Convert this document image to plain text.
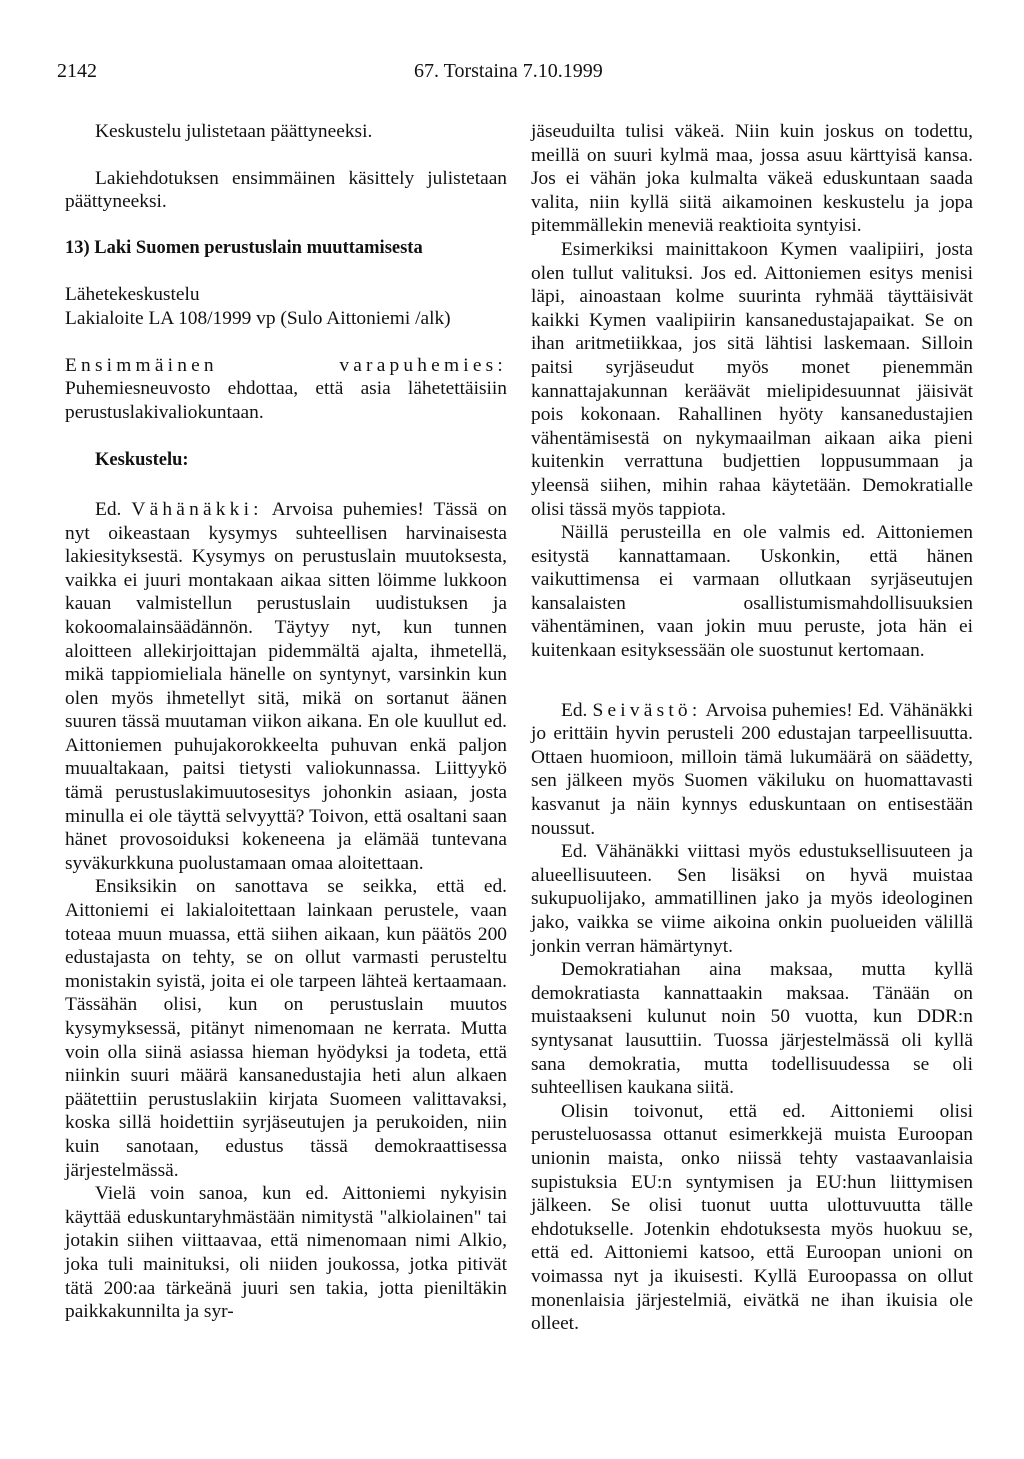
2142	67. Torstaina 7.10.1999

Keskustelu julistetaan päättyneeksi.

Lakiehdotuksen ensimmäinen käsittely julistetaan päättyneeksi.

13) Laki Suomen perustuslain muuttamisesta

Lähetekeskustelu

Lakialoite LA 108/1999 vp (Sulo Aittoniemi /alk)

Ensimmäinen varapuhemies: Puhemiesneuvosto ehdottaa, että asia lähetettäisiin perustuslakivaliokuntaan.

Keskustelu:

Ed. Vähänäkki: Arvoisa puhemies! Tässä on nyt oikeastaan kysymys suhteellisen harvinaisesta lakiesityksestä. Kysymys on perustuslain muutoksesta, vaikka ei juuri montakaan aikaa sitten löimme lukkoon kauan valmistellun perustuslain uudistuksen ja kokoomalainsäädännön. Täytyy nyt, kun tunnen aloitteen allekirjoittajan pidemmältä ajalta, ihmetellä, mikä tappiomieliala hänelle on syntynyt, varsinkin kun olen myös ihmetellyt sitä, mikä on sortanut äänen suuren tässä muutaman viikon aikana. En ole kuullut ed. Aittoniemen puhujakorokkeelta puhuvan enkä paljon muualtakaan, paitsi tietysti valiokunnassa. Liittyykö tämä perustuslakimuutosesitys johonkin asiaan, josta minulla ei ole täyttä selvyyttä? Toivon, että osaltani saan hänet provosoiduksi kokeneena ja elämää tuntevana syväkurkkuna puolustamaan omaa aloitettaan.

Ensiksikin on sanottava se seikka, että ed. Aittoniemi ei lakialoitettaan lainkaan perustele, vaan toteaa muun muassa, että siihen aikaan, kun päätös 200 edustajasta on tehty, se on ollut varmasti perusteltu monistakin syistä, joita ei ole tarpeen lähteä kertaamaan. Tässähän olisi, kun on perustuslain muutos kysymyksessä, pitänyt nimenomaan ne kerrata. Mutta voin olla siinä asiassa hieman hyödyksi ja todeta, että niinkin suuri määrä kansanedustajia heti alun alkaen päätettiin perustuslakiin kirjata Suomeen valittavaksi, koska sillä hoidettiin syrjäseutujen ja perukoiden, niin kuin sanotaan, edustus tässä demokraattisessa järjestelmässä.

Vielä voin sanoa, kun ed. Aittoniemi nykyisin käyttää eduskuntaryhmästään nimitystä "alkiolainen" tai jotakin siihen viittaavaa, että nimenomaan nimi Alkio, joka tuli mainituksi, oli niiden joukossa, jotka pitivät tätä 200:aa tärkeänä juuri sen takia, jotta pieniltäkin paikkakunnilta ja syr-

jäseuduilta tulisi väkeä. Niin kuin joskus on todettu, meillä on suuri kylmä maa, jossa asuu kärttyisä kansa. Jos ei vähän joka kulmalta väkeä eduskuntaan saada valita, niin kyllä siitä aikamoinen keskustelu ja jopa pitemmällekin meneviä reaktioita syntyisi.

Esimerkiksi mainittakoon Kymen vaalipiiri, josta olen tullut valituksi. Jos ed. Aittoniemen esitys menisi läpi, ainoastaan kolme suurinta ryhmää täyttäisivät kaikki Kymen vaalipiirin kansanedustajapaikat. Se on ihan aritmetiikkaa, jos sitä lähtisi laskemaan. Silloin paitsi syrjäseudut myös monet pienemmän kannattajakunnan keräävät mielipidesuunnat jäisivät pois kokonaan. Rahallinen hyöty kansanedustajien vähentämisestä on nykymaailman aikaan aika pieni kuitenkin verrattuna budjettien loppusummaan ja yleensä siihen, mihin rahaa käytetään. Demokratialle olisi tässä myös tappiota.

Näillä perusteilla en ole valmis ed. Aittoniemen esitystä kannattamaan. Uskonkin, että hänen vaikuttimensa ei varmaan ollutkaan syrjäseutujen kansalaisten osallistumismahdollisuuksien vähentäminen, vaan jokin muu peruste, jota hän ei kuitenkaan esityksessään ole suostunut kertomaan.

Ed. Seivästö: Arvoisa puhemies! Ed. Vähänäkki jo erittäin hyvin perusteli 200 edustajan tarpeellisuutta. Ottaen huomioon, milloin tämä lukumäärä on säädetty, sen jälkeen myös Suomen väkiluku on huomattavasti kasvanut ja näin kynnys eduskuntaan on entisestään noussut.

Ed. Vähänäkki viittasi myös edustuksellisuuteen ja alueellisuuteen. Sen lisäksi on hyvä muistaa sukupuolijako, ammatillinen jako ja myös ideologinen jako, vaikka se viime aikoina onkin puolueiden välillä jonkin verran hämärtynyt.

Demokratiahan aina maksaa, mutta kyllä demokratiasta kannattaakin maksaa. Tänään on muistaakseni kulunut noin 50 vuotta, kun DDR:n syntysanat lausuttiin. Tuossa järjestelmässä oli kyllä sana demokratia, mutta todellisuudessa se oli suhteellisen kaukana siitä.

Olisin toivonut, että ed. Aittoniemi olisi perusteluosassa ottanut esimerkkejä muista Euroopan unionin maista, onko niissä tehty vastaavanlaisia supistuksia EU:n syntymisen ja EU:hun liittymisen jälkeen. Se olisi tuonut uutta ulottuvuutta tälle ehdotukselle. Jotenkin ehdotuksesta myös huokuu se, että ed. Aittoniemi katsoo, että Euroopan unioni on voimassa nyt ja ikuisesti. Kyllä Euroopassa on ollut monenlaisia järjestelmiä, eivätkä ne ihan ikuisia ole olleet.
